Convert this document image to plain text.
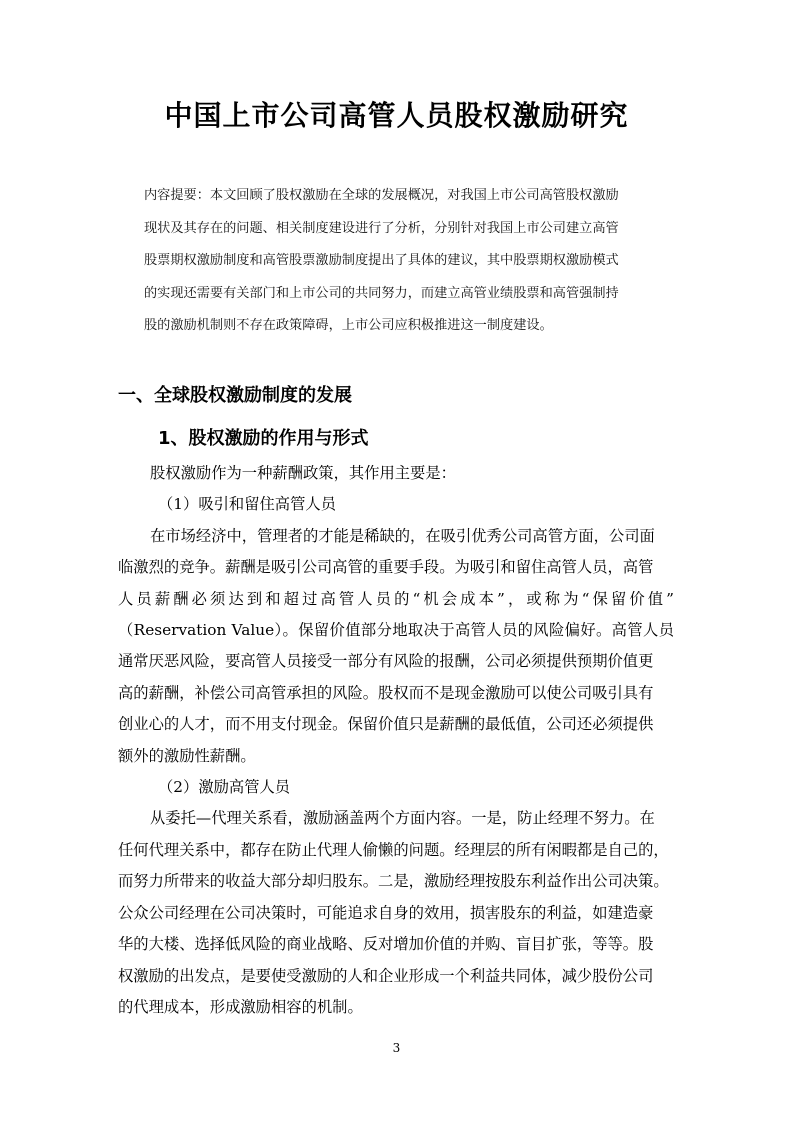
中国上市公司高管人员股权激励研究

内容提要：本文回顾了股权激励在全球的发展概况，对我国上市公司高管股权激励

现状及其存在的问题、相关制度建设进行了分析，分别针对我国上市公司建立高管

股票期权激励制度和高管股票激励制度提出了具体的建议，其中股票期权激励模式

的实现还需要有关部门和上市公司的共同努力，而建立高管业绩股票和高管强制持

股的激励机制则不存在政策障碍，上市公司应积极推进这一制度建设。

一、全球股权激励制度的发展
1、股权激励的作用与形式
股权激励作为一种薪酬政策，其作用主要是：
（1）吸引和留住高管人员
在市场经济中，管理者的才能是稀缺的，在吸引优秀公司高管方面，公司面
临激烈的竞争。薪酬是吸引公司高管的重要手段。为吸引和留住高管人员，高管
人员薪酬必须达到和超过高管人员的“机会成本”，或称为“保留价值”
（Reservation Value）。保留价值部分地取决于高管人员的风险偏好。高管人员
通常厌恶风险，要高管人员接受一部分有风险的报酬，公司必须提供预期价值更
高的薪酬，补偿公司高管承担的风险。股权而不是现金激励可以使公司吸引具有
创业心的人才，而不用支付现金。保留价值只是薪酬的最低值，公司还必须提供
额外的激励性薪酬。
（2）激励高管人员
从委托—代理关系看，激励涵盖两个方面内容。一是，防止经理不努力。在
任何代理关系中，都存在防止代理人偷懒的问题。经理层的所有闲暇都是自己的，
而努力所带来的收益大部分却归股东。二是，激励经理按股东利益作出公司决策。
公众公司经理在公司决策时，可能追求自身的效用，损害股东的利益，如建造豪
华的大楼、选择低风险的商业战略、反对增加价值的并购、盲目扩张，等等。股
权激励的出发点，是要使受激励的人和企业形成一个利益共同体，减少股份公司
的代理成本，形成激励相容的机制。
3
